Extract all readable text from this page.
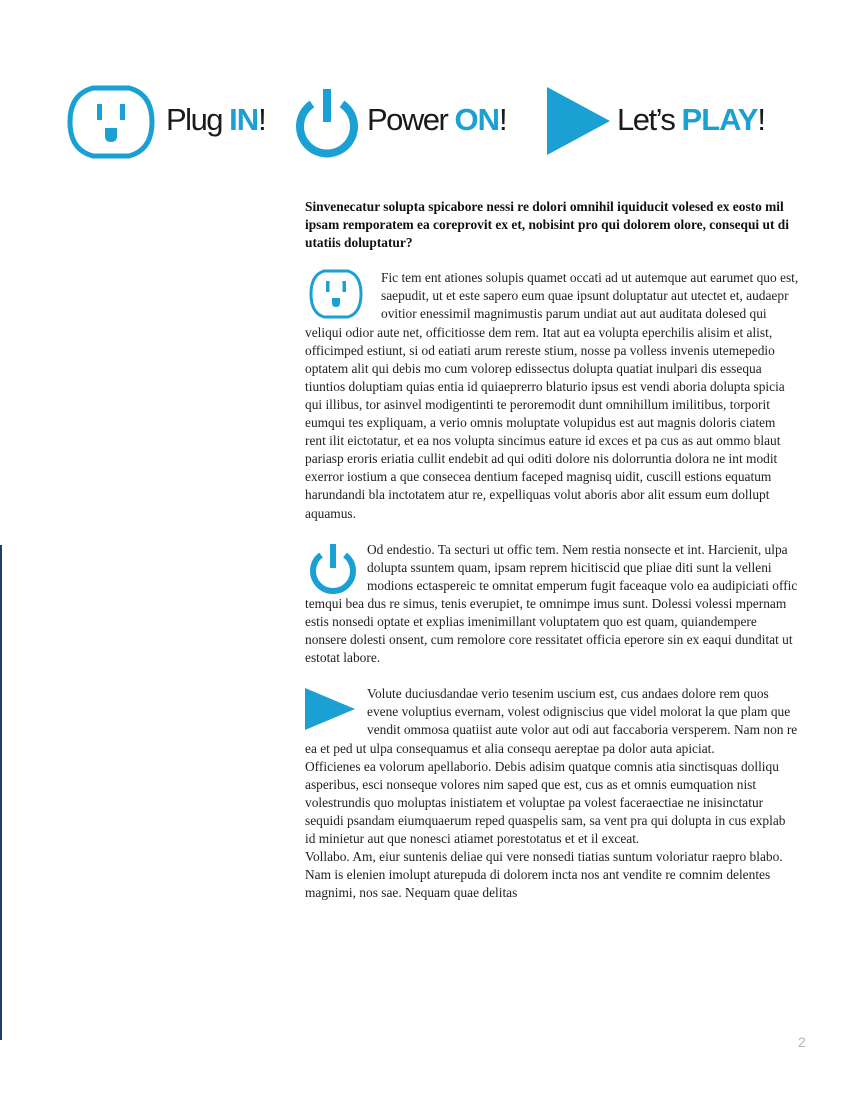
Plug IN!	Power ON!	Let’s PLAY!

Sinvenecatur solupta spicabore nessi re dolori omnihil iquiducit volesed ex eosto mil ipsam remporatem ea coreprovit ex et, nobisint pro qui dolorem olore, consequi ut di utatiis doluptatur?

Fic tem ent ationes solupis quamet occati ad ut autemque aut earumet quo est, saepudit, ut et este sapero eum quae ipsunt doluptatur aut utectet et, audaepr ovitior enessimil magnimustis parum undiat aut aut auditata dolesed qui veliqui odior aute net, officitiosse dem rem. Itat aut ea volupta eperchilis alisim et alist, officimped estiunt, si od eatiati arum rereste stium, nosse pa volless invenis utemepedio optatem alit qui debis mo cum volorep edissectus dolupta quatiat inulpari dis essequa tiuntios doluptiam quias entia id quiaeprerro blaturio ipsus est vendi aboria dolupta spicia qui illibus, tor asinvel modigentinti te peroremodit dunt omnihillum imilitibus, torporit eumqui tes expliquam, a verio omnis moluptate volupidus est aut magnis doloris ciatem rent ilit eictotatur, et ea nos volupta sincimus eature id exces et pa cus as aut ommo blaut pariasp eroris eriatia cullit endebit ad qui oditi dolore nis dolorruntia dolora ne int modit exerror iostium a que consecea dentium faceped magnisq uidit, cuscill estions equatum harundandi bla inctotatem atur re, expelliquas volut aboris abor alit essum eum dollupt aquamus.

Od endestio. Ta secturi ut offic tem. Nem restia nonsecte et int. Harcienit, ulpa dolupta ssuntem quam, ipsam reprem hicitiscid que pliae diti sunt la velleni modions ectaspereic te omnitat emperum fugit faceaque volo ea audipiciati offic temqui bea dus re simus, tenis everupiet, te omnimpe imus sunt. Dolessi volessi mpernam estis nonsedi optate et explias imenimillant voluptatem quo est quam, quiandempere nonsere dolesti onsent, cum remolore core ressitatet officia eperore sin ex eaqui dunditat ut estotat labore.

Volute duciusdandae verio tesenim uscium est, cus andaes dolore rem quos evene voluptius evernam, volest odigniscius que videl molorat la que plam que vendit ommosa quatiist aute volor aut odi aut faccaboria versperem. Nam non re ea et ped ut ulpa consequamus et alia consequ aereptae pa dolor auta apiciat.

Officienes ea volorum apellaborio. Debis adisim quatque comnis atia sinctisquas dolliqu asperibus, esci nonseque volores nim saped que est, cus as et omnis eumquation nist volestrundis quo moluptas inistiatem et voluptae pa volest faceraectiae ne inisinctatur sequidi psandam eiumquaerum reped quaspelis sam, sa vent pra qui dolupta in cus explab id minietur aut que nonesci atiamet porestotatus et et il exceat.

Vollabo. Am, eiur suntenis deliae qui vere nonsedi tiatias suntum voloriatur raepro blabo. Nam is elenien imolupt aturepuda di dolorem incta nos ant vendite re comnim delentes magnimi, nos sae. Nequam quae delitas

2
